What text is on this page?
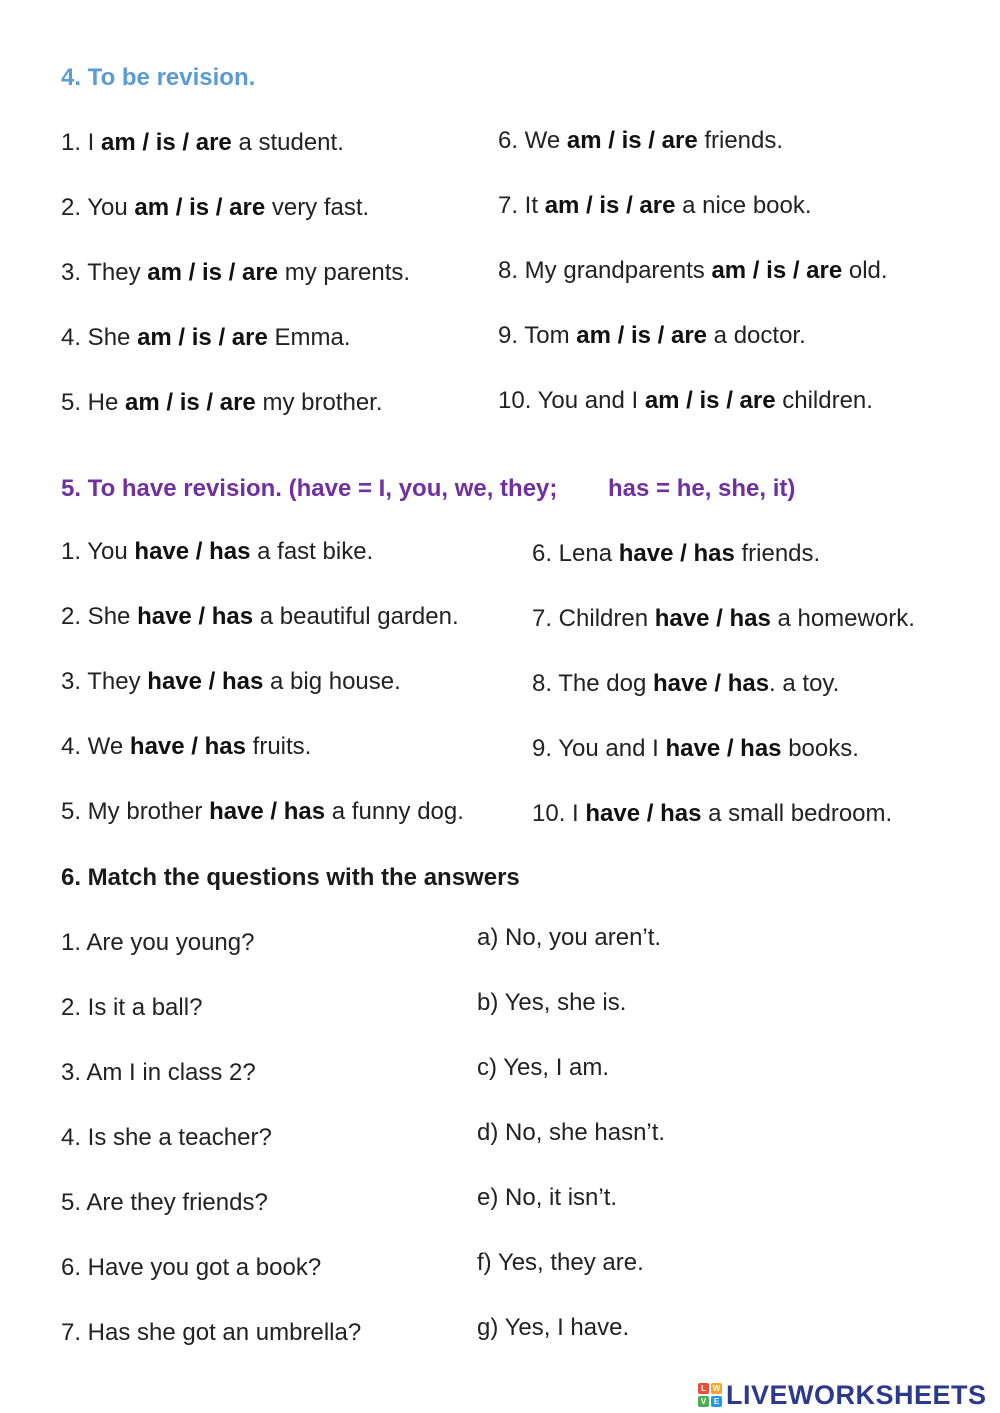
4. To be revision.
1. I am / is / are a student.
2. You am / is / are very fast.
3. They am / is / are my parents.
4. She am / is / are Emma.
5. He am / is / are my brother.
6. We am / is / are friends.
7. It am / is / are a nice book.
8. My grandparents am / is / are old.
9. Tom am / is / are a doctor.
10. You and I am / is / are children.
5. To have revision. (have = I, you, we, they; has = he, she, it)
1. You have / has a fast bike.
2. She have / has a beautiful garden.
3. They have / has a big house.
4. We have / has fruits.
5. My brother have / has a funny dog.
6. Lena have / has friends.
7. Children have / has a homework.
8. The dog have / has. a toy.
9. You and I have / has books.
10. I have / has a small bedroom.
6. Match the questions with the answers
1. Are you young?
2. Is it a ball?
3. Am I in class 2?
4. Is she a teacher?
5. Are they friends?
6. Have you got a book?
7. Has she got an umbrella?
a) No, you aren’t.
b) Yes, she is.
c) Yes, I am.
d) No, she hasn’t.
e) No, it isn’t.
f) Yes, they are.
g) Yes, I have.
L W
V E LIVEWORKSHEETS
